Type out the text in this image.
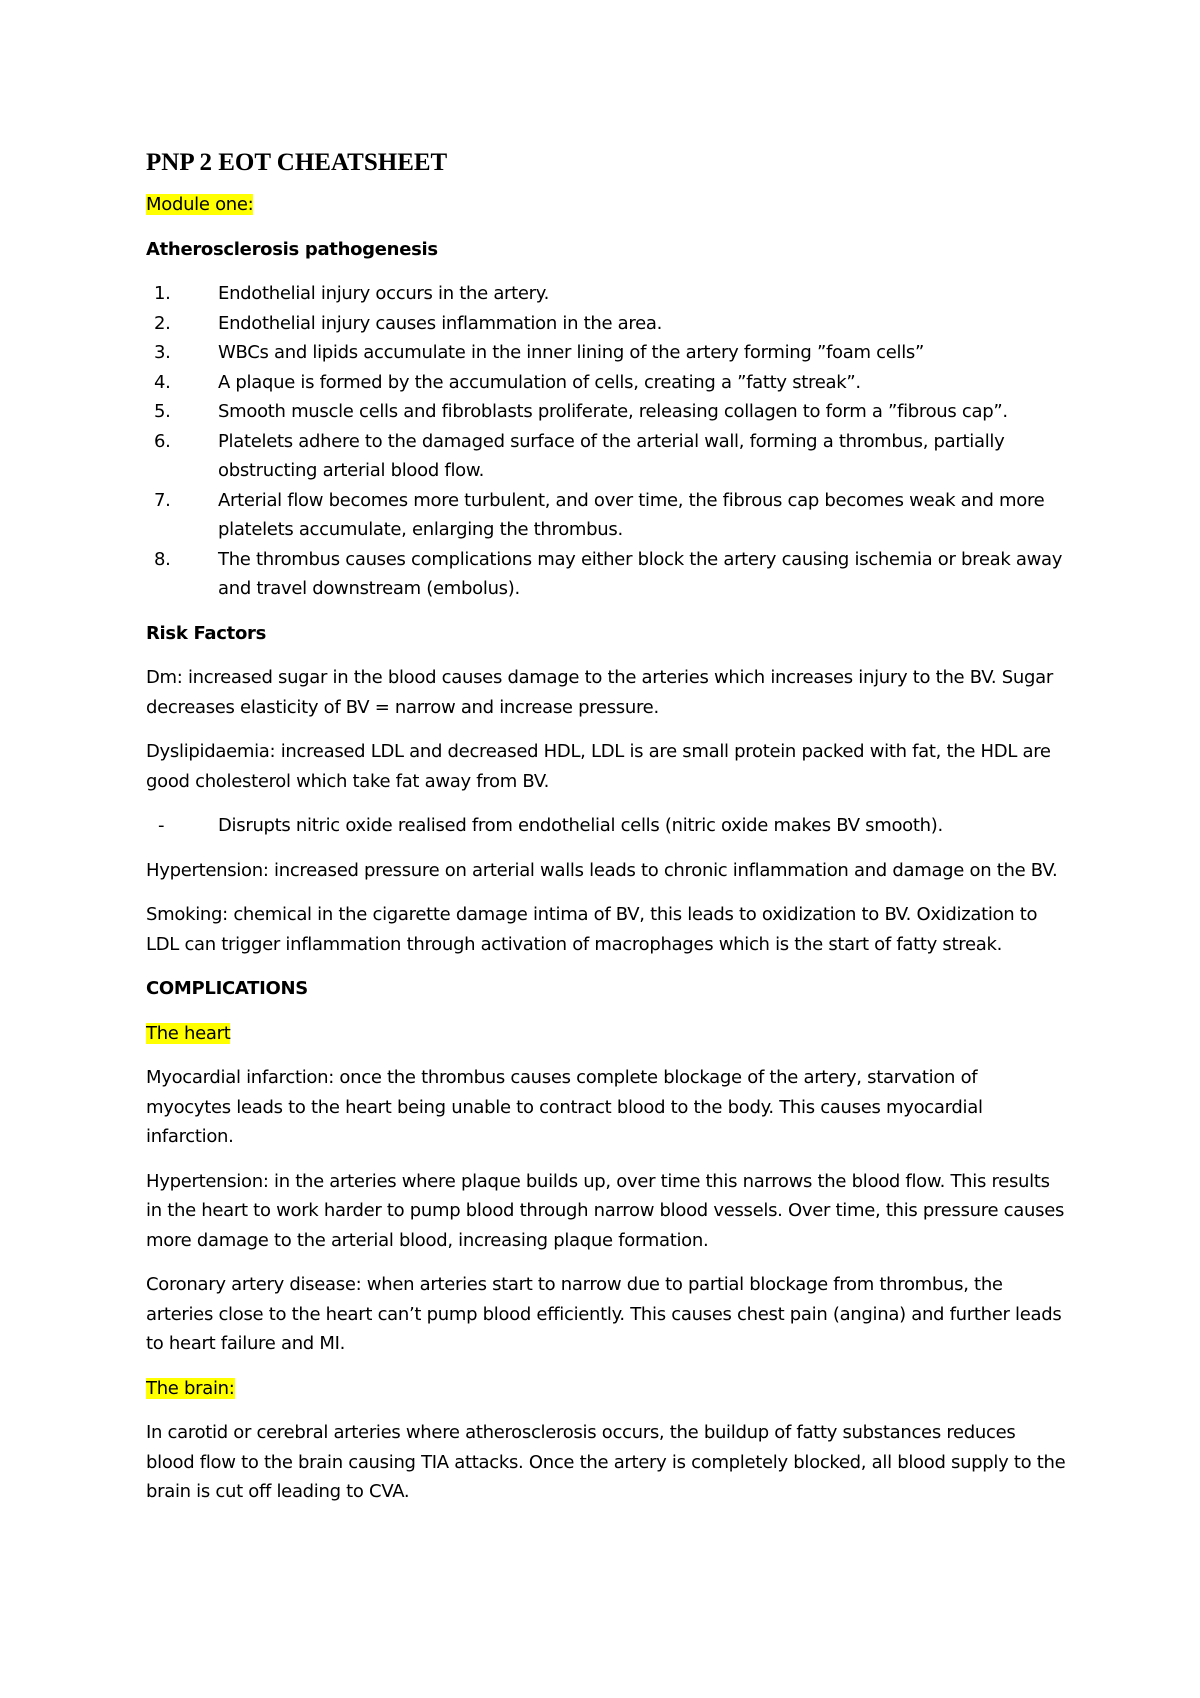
PNP 2 EOT CHEATSHEET

Module one:

Atherosclerosis pathogenesis

1.	Endothelial injury occurs in the artery.
2.	Endothelial injury causes inflammation in the area.
3.	WBCs and lipids accumulate in the inner lining of the artery forming ”foam cells”
4.	A plaque is formed by the accumulation of cells, creating a ”fatty streak”.
5.	Smooth muscle cells and fibroblasts proliferate, releasing collagen to form a ”fibrous cap”.
6.	Platelets adhere to the damaged surface of the arterial wall, forming a thrombus, partially obstructing arterial blood flow.
7.	Arterial flow becomes more turbulent, and over time, the fibrous cap becomes weak and more platelets accumulate, enlarging the thrombus.
8.	The thrombus causes complications may either block the artery causing ischemia or break away and travel downstream (embolus).

Risk Factors

Dm: increased sugar in the blood causes damage to the arteries which increases injury to the BV. Sugar decreases elasticity of BV = narrow and increase pressure.

Dyslipidaemia: increased LDL and decreased HDL, LDL is are small protein packed with fat, the HDL are good cholesterol which take fat away from BV.

-	Disrupts nitric oxide realised from endothelial cells (nitric oxide makes BV smooth).

Hypertension: increased pressure on arterial walls leads to chronic inflammation and damage on the BV.

Smoking: chemical in the cigarette damage intima of BV, this leads to oxidization to BV. Oxidization to LDL can trigger inflammation through activation of macrophages which is the start of fatty streak.

COMPLICATIONS

The heart

Myocardial infarction: once the thrombus causes complete blockage of the artery, starvation of myocytes leads to the heart being unable to contract blood to the body. This causes myocardial infarction.

Hypertension: in the arteries where plaque builds up, over time this narrows the blood flow. This results in the heart to work harder to pump blood through narrow blood vessels. Over time, this pressure causes more damage to the arterial blood, increasing plaque formation.

Coronary artery disease: when arteries start to narrow due to partial blockage from thrombus, the arteries close to the heart can’t pump blood efficiently. This causes chest pain (angina) and further leads to heart failure and MI.

The brain:

In carotid or cerebral arteries where atherosclerosis occurs, the buildup of fatty substances reduces blood flow to the brain causing TIA attacks. Once the artery is completely blocked, all blood supply to the brain is cut off leading to CVA.
